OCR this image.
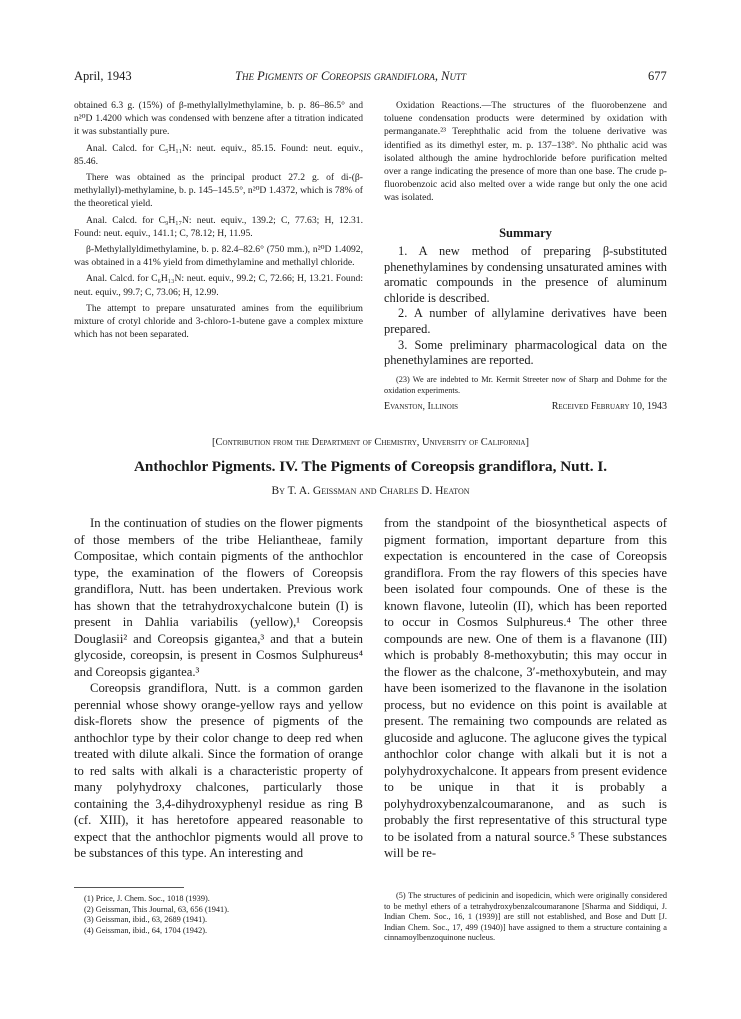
April, 1943	The Pigments of Coreopsis grandiflora, Nutt	677

obtained 6.3 g. (15%) of β-methylallylmethylamine, b. p. 86–86.5° and n²⁰D 1.4200 which was condensed with benzene after a titration indicated it was substantially pure.

Anal. Calcd. for C₅H₁₁N: neut. equiv., 85.15. Found: neut. equiv., 85.46.

There was obtained as the principal product 27.2 g. of di-(β-methylallyl)-methylamine, b. p. 145–145.5°, n²⁰D 1.4372, which is 78% of the theoretical yield.

Anal. Calcd. for C₉H₁₇N: neut. equiv., 139.2; C, 77.63; H, 12.31. Found: neut. equiv., 141.1; C, 78.12; H, 11.95.

β-Methylallyldimethylamine, b. p. 82.4–82.6° (750 mm.), n²⁰D 1.4092, was obtained in a 41% yield from dimethylamine and methallyl chloride.

Anal. Calcd. for C₆H₁₃N: neut. equiv., 99.2; C, 72.66; H, 13.21. Found: neut. equiv., 99.7; C, 73.06; H, 12.99.

The attempt to prepare unsaturated amines from the equilibrium mixture of crotyl chloride and 3-chloro-1-butene gave a complex mixture which has not been separated.

Oxidation Reactions.—The structures of the fluorobenzene and toluene condensation products were determined by oxidation with permanganate.²³ Terephthalic acid from the toluene derivative was identified as its dimethyl ester, m. p. 137–138°. No phthalic acid was isolated although the amine hydrochloride before purification melted over a range indicating the presence of more than one base. The crude p-fluorobenzoic acid also melted over a wide range but only the one acid was isolated.
Summary

1. A new method of preparing β-substituted phenethylamines by condensing unsaturated amines with aromatic compounds in the presence of aluminum chloride is described.

2. A number of allylamine derivatives have been prepared.

3. Some preliminary pharmacological data on the phenethylamines are reported.

(23) We are indebted to Mr. Kermit Streeter now of Sharp and Dohme for the oxidation experiments.
Evanston, Illinois	Received February 10, 1943
[Contribution from the Department of Chemistry, University of California]
Anthochlor Pigments. IV. The Pigments of Coreopsis grandiflora, Nutt. I.
By T. A. Geissman and Charles D. Heaton

In the continuation of studies on the flower pigments of those members of the tribe Heliantheae, family Compositae, which contain pigments of the anthochlor type, the examination of the flowers of Coreopsis grandiflora, Nutt. has been undertaken. Previous work has shown that the tetrahydroxychalcone butein (I) is present in Dahlia variabilis (yellow),¹ Coreopsis Douglasii² and Coreopsis gigantea,³ and that a butein glycoside, coreopsin, is present in Cosmos Sulphureus⁴ and Coreopsis gigantea.³

Coreopsis grandiflora, Nutt. is a common garden perennial whose showy orange-yellow rays and yellow disk-florets show the presence of pigments of the anthochlor type by their color change to deep red when treated with dilute alkali. Since the formation of orange to red salts with alkali is a characteristic property of many polyhydroxy chalcones, particularly those containing the 3,4-dihydroxyphenyl residue as ring B (cf. XIII), it has heretofore appeared reasonable to expect that the anthochlor pigments would all prove to be substances of this type. An interesting and

(1) Price, J. Chem. Soc., 1018 (1939).

(2) Geissman, This Journal, 63, 656 (1941).

(3) Geissman, ibid., 63, 2689 (1941).

(4) Geissman, ibid., 64, 1704 (1942).

from the standpoint of the biosynthetical aspects of pigment formation, important departure from this expectation is encountered in the case of Coreopsis grandiflora. From the ray flowers of this species have been isolated four compounds. One of these is the known flavone, luteolin (II), which has been reported to occur in Cosmos Sulphureus.⁴ The other three compounds are new. One of them is a flavanone (III) which is probably 8-methoxybutin; this may occur in the flower as the chalcone, 3′-methoxybutein, and may have been isomerized to the flavanone in the isolation process, but no evidence on this point is available at present. The remaining two compounds are related as glucoside and aglucone. The aglucone gives the typical anthochlor color change with alkali but it is not a polyhydroxychalcone. It appears from present evidence to be unique in that it is probably a polyhydroxybenzalcoumaranone, and as such is probably the first representative of this structural type to be isolated from a natural source.⁵ These substances will be re-
(5) The structures of pedicinin and isopedicin, which were originally considered to be methyl ethers of a tetrahydroxybenzalcoumaranone [Sharma and Siddiqui, J. Indian Chem. Soc., 16, 1 (1939)] are still not established, and Bose and Dutt [J. Indian Chem. Soc., 17, 499 (1940)] have assigned to them a structure containing a cinnamoylbenzoquinone nucleus.
